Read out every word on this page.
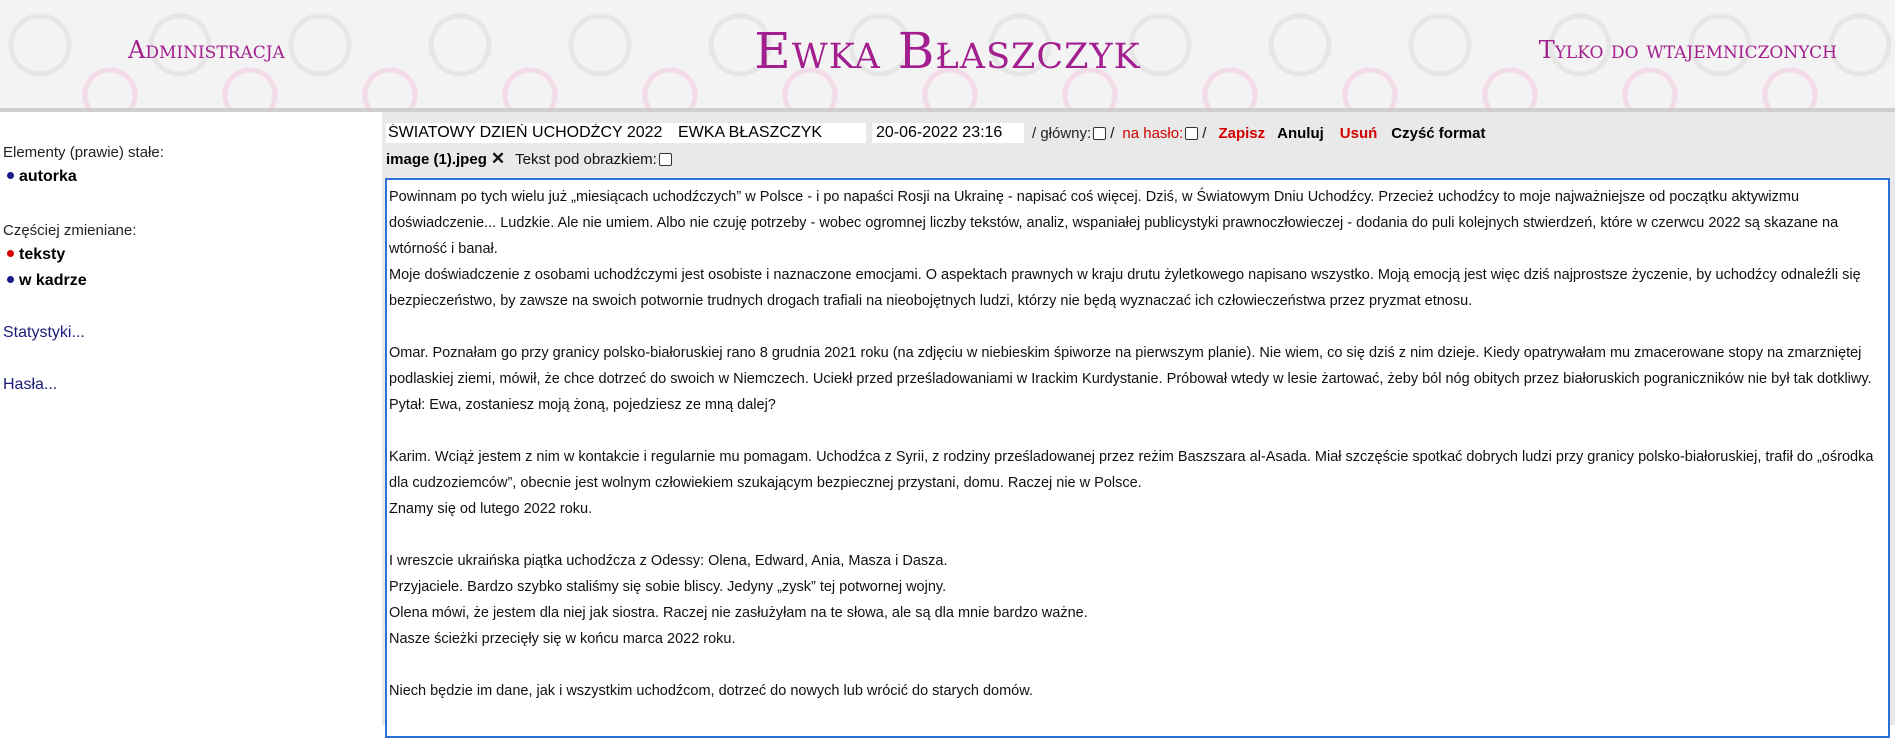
Administracja	Ewka Błaszczyk	Tylko do wtajemniczonych
Elementy (prawie) stałe:
autorka
Częściej zmieniane:
teksty
w kadrze
Statystyki...
Hasła...
ŚWIATOWY DZIEŃ UCHODŹCY 2022
EWKA BŁASZCZYK
20-06-2022 23:16
/ główny: / na hasło: / Zapisz Anuluj Usuń Czyść format
image (1).jpeg ✕ Tekst pod obrazkiem:

Powinnam po tych wielu już „miesiącach uchodźczych” w Polsce - i po napaści Rosji na Ukrainę - napisać coś więcej. Dziś, w Światowym Dniu Uchodźcy. Przecież uchodźcy to moje najważniejsze od początku aktywizmu doświadczenie... Ludzkie. Ale nie umiem. Albo nie czuję potrzeby - wobec ogromnej liczby tekstów, analiz, wspaniałej publicystyki prawnoczłowieczej - dodania do puli kolejnych stwierdzeń, które w czerwcu 2022 są skazane na wtórność i banał.

Moje doświadczenie z osobami uchodźczymi jest osobiste i naznaczone emocjami. O aspektach prawnych w kraju drutu żyletkowego napisano wszystko. Moją emocją jest więc dziś najprostsze życzenie, by uchodźcy odnaleźli się bezpieczeństwo, by zawsze na swoich potwornie trudnych drogach trafiali na nieobojętnych ludzi, którzy nie będą wyznaczać ich człowieczeństwa przez pryzmat etnosu.

Omar. Poznałam go przy granicy polsko-białoruskiej rano 8 grudnia 2021 roku (na zdjęciu w niebieskim śpiworze na pierwszym planie). Nie wiem, co się dziś z nim dzieje. Kiedy opatrywałam mu zmacerowane stopy na zmarzniętej podlaskiej ziemi, mówił, że chce dotrzeć do swoich w Niemczech. Uciekł przed prześladowaniami w Irackim Kurdystanie. Próbował wtedy w lesie żartować, żeby ból nóg obitych przez białoruskich pograniczników nie był tak dotkliwy. Pytał: Ewa, zostaniesz moją żoną, pojedziesz ze mną dalej?

Karim. Wciąż jestem z nim w kontakcie i regularnie mu pomagam. Uchodźca z Syrii, z rodziny prześladowanej przez reżim Baszszara al-Asada. Miał szczęście spotkać dobrych ludzi przy granicy polsko-białoruskiej, trafił do „ośrodka dla cudzoziemców”, obecnie jest wolnym człowiekiem szukającym bezpiecznej przystani, domu. Raczej nie w Polsce.

Znamy się od lutego 2022 roku.

I wreszcie ukraińska piątka uchodźcza z Odessy: Olena, Edward, Ania, Masza i Dasza.

Przyjaciele. Bardzo szybko staliśmy się sobie bliscy. Jedyny „zysk” tej potwornej wojny.

Olena mówi, że jestem dla niej jak siostra. Raczej nie zasłużyłam na te słowa, ale są dla mnie bardzo ważne.

Nasze ścieżki przecięły się w końcu marca 2022 roku.

Niech będzie im dane, jak i wszystkim uchodźcom, dotrzeć do nowych lub wrócić do starych domów.
